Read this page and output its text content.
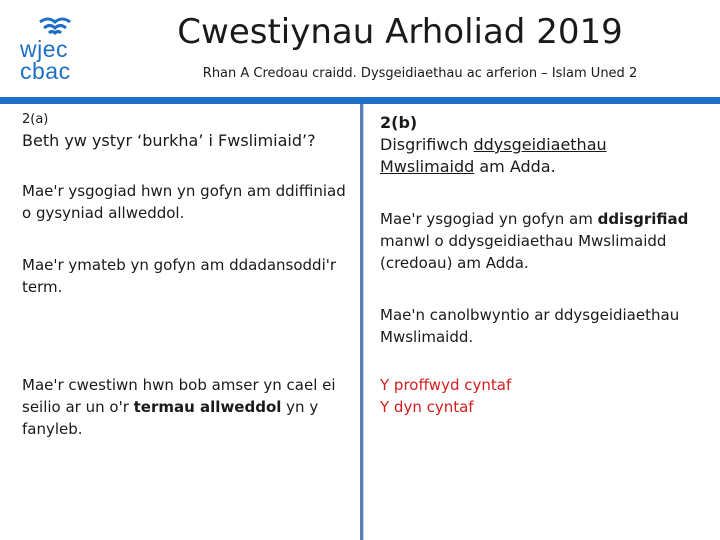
wjec
cbac
Cwestiynau Arholiad 2019
Rhan A Credoau craidd. Dysgeidiaethau ac arferion – Islam Uned 2
2(a)
Beth yw ystyr ‘burkha’ i Fwslimiaid’?
Mae'r ysgogiad hwn yn gofyn am ddiffiniad o gysyniad allweddol.
Mae'r ymateb yn gofyn am ddadansoddi'r term.
Mae'r cwestiwn hwn bob amser yn cael ei seilio ar un o'r termau allweddol yn y fanyleb.
2(b)
Disgrifiwch ddysgeidiaethau Mwslimaidd am Adda.
Mae'r ysgogiad yn gofyn am ddisgrifiad manwl o ddysgeidiaethau Mwslimaidd (credoau) am Adda.
Mae'n canolbwyntio ar ddysgeidiaethau Mwslimaidd.
Y proffwyd cyntaf
Y dyn cyntaf
